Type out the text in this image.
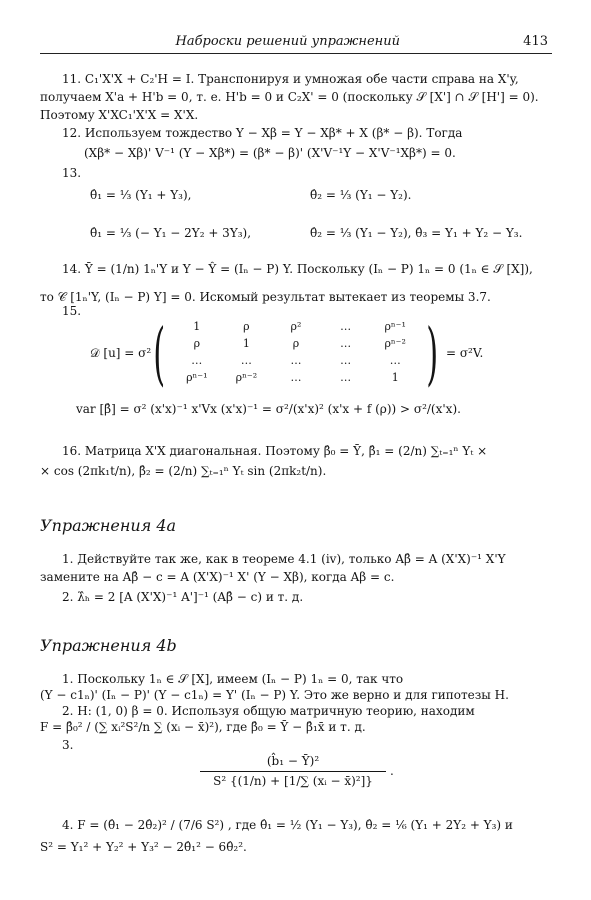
Наброски решений упражнений	413
11. C₁'X'X + C₂'H = I. Транспонируя и умножая обе части справа на X'y,
получаем X'a + H'b = 0, т. е. H'b = 0 и C₂X' = 0 (поскольку 𝒮 [X'] ∩ 𝒮 [H'] = 0).
Поэтому X'XC₁'X'X = X'X.
12. Используем тождество Y − Xβ = Y − Xβ* + X (β* − β). Тогда
(Xβ* − Xβ)' V⁻¹ (Y − Xβ*) = (β* − β)' (X'V⁻¹Y − X'V⁻¹Xβ*) = 0.
13.
θ̂₁ = ⅓ (Y₁ + Y₃),	θ̂₂ = ⅓ (Y₁ − Y₂).
θ̂₁ = ⅓ (− Y₁ − 2Y₂ + 3Y₃),	θ̂₂ = ⅓ (Y₁ − Y₂), θ̂₃ = Y₁ + Y₂ − Y₃.
14. Ȳ = (1/n) 1ₙ'Y и Y − Ŷ = (Iₙ − P) Y. Поскольку (Iₙ − P) 1ₙ = 0 (1ₙ ∈ 𝒮 [X]),
то 𝒞 [1ₙ'Y, (Iₙ − P) Y] = 0. Искомый результат вытекает из теоремы 3.7.
15.
𝒟 [u] = σ² (	1	ρ	ρ²	…	ρⁿ⁻¹
ρ	1	ρ	…	ρⁿ⁻²
…	…	…	…	…
ρⁿ⁻¹	ρⁿ⁻²	…	…	1 ) = σ²V.
var [β̂] = σ² (x'x)⁻¹ x'Vx (x'x)⁻¹ = σ²/(x'x)² (x'x + f (ρ)) > σ²/(x'x).
16. Матрица X'X диагональная. Поэтому β̂₀ = Ȳ, β̂₁ = (2/n) ∑ₜ₌₁ⁿ Yₜ ×
× cos (2πk₁t/n), β̂₂ = (2/n) ∑ₜ₌₁ⁿ Yₜ sin (2πk₂t/n).
Упражнения 4а
1. Действуйте так же, как в теореме 4.1 (iv), только Aβ̂ = A (X'X)⁻¹ X'Y
замените на Aβ̂ − c = A (X'X)⁻¹ X' (Y − Xβ), когда Aβ = c.
2. λ̂ₕ = 2 [A (X'X)⁻¹ A']⁻¹ (Aβ̂ − c) и т. д.
Упражнения 4b
1. Поскольку 1ₙ ∈ 𝒮 [X], имеем (Iₙ − P) 1ₙ = 0, так что
(Y − c1ₙ)' (Iₙ − P)' (Y − c1ₙ) = Y' (Iₙ − P) Y. Это же верно и для гипотезы H.
2. H: (1, 0) β = 0. Используя общую матричную теорию, находим
F = β̂₀² / (∑ xᵢ²S²/n ∑ (xᵢ − x̄)²), где β̂₀ = Ȳ − β̂₁x̄ и т. д.
3.
(b̂₁ − Ȳ)²
S² {(1/n) + [1/∑ (xᵢ − x̄)²]}
.
4. F = (θ̂₁ − 2θ̂₂)² / (7/6 S²) , где θ̂₁ = ½ (Y₁ − Y₃), θ̂₂ = ⅙ (Y₁ + 2Y₂ + Y₃) и
S² = Y₁² + Y₂² + Y₃² − 2θ̂₁² − 6θ̂₂².
